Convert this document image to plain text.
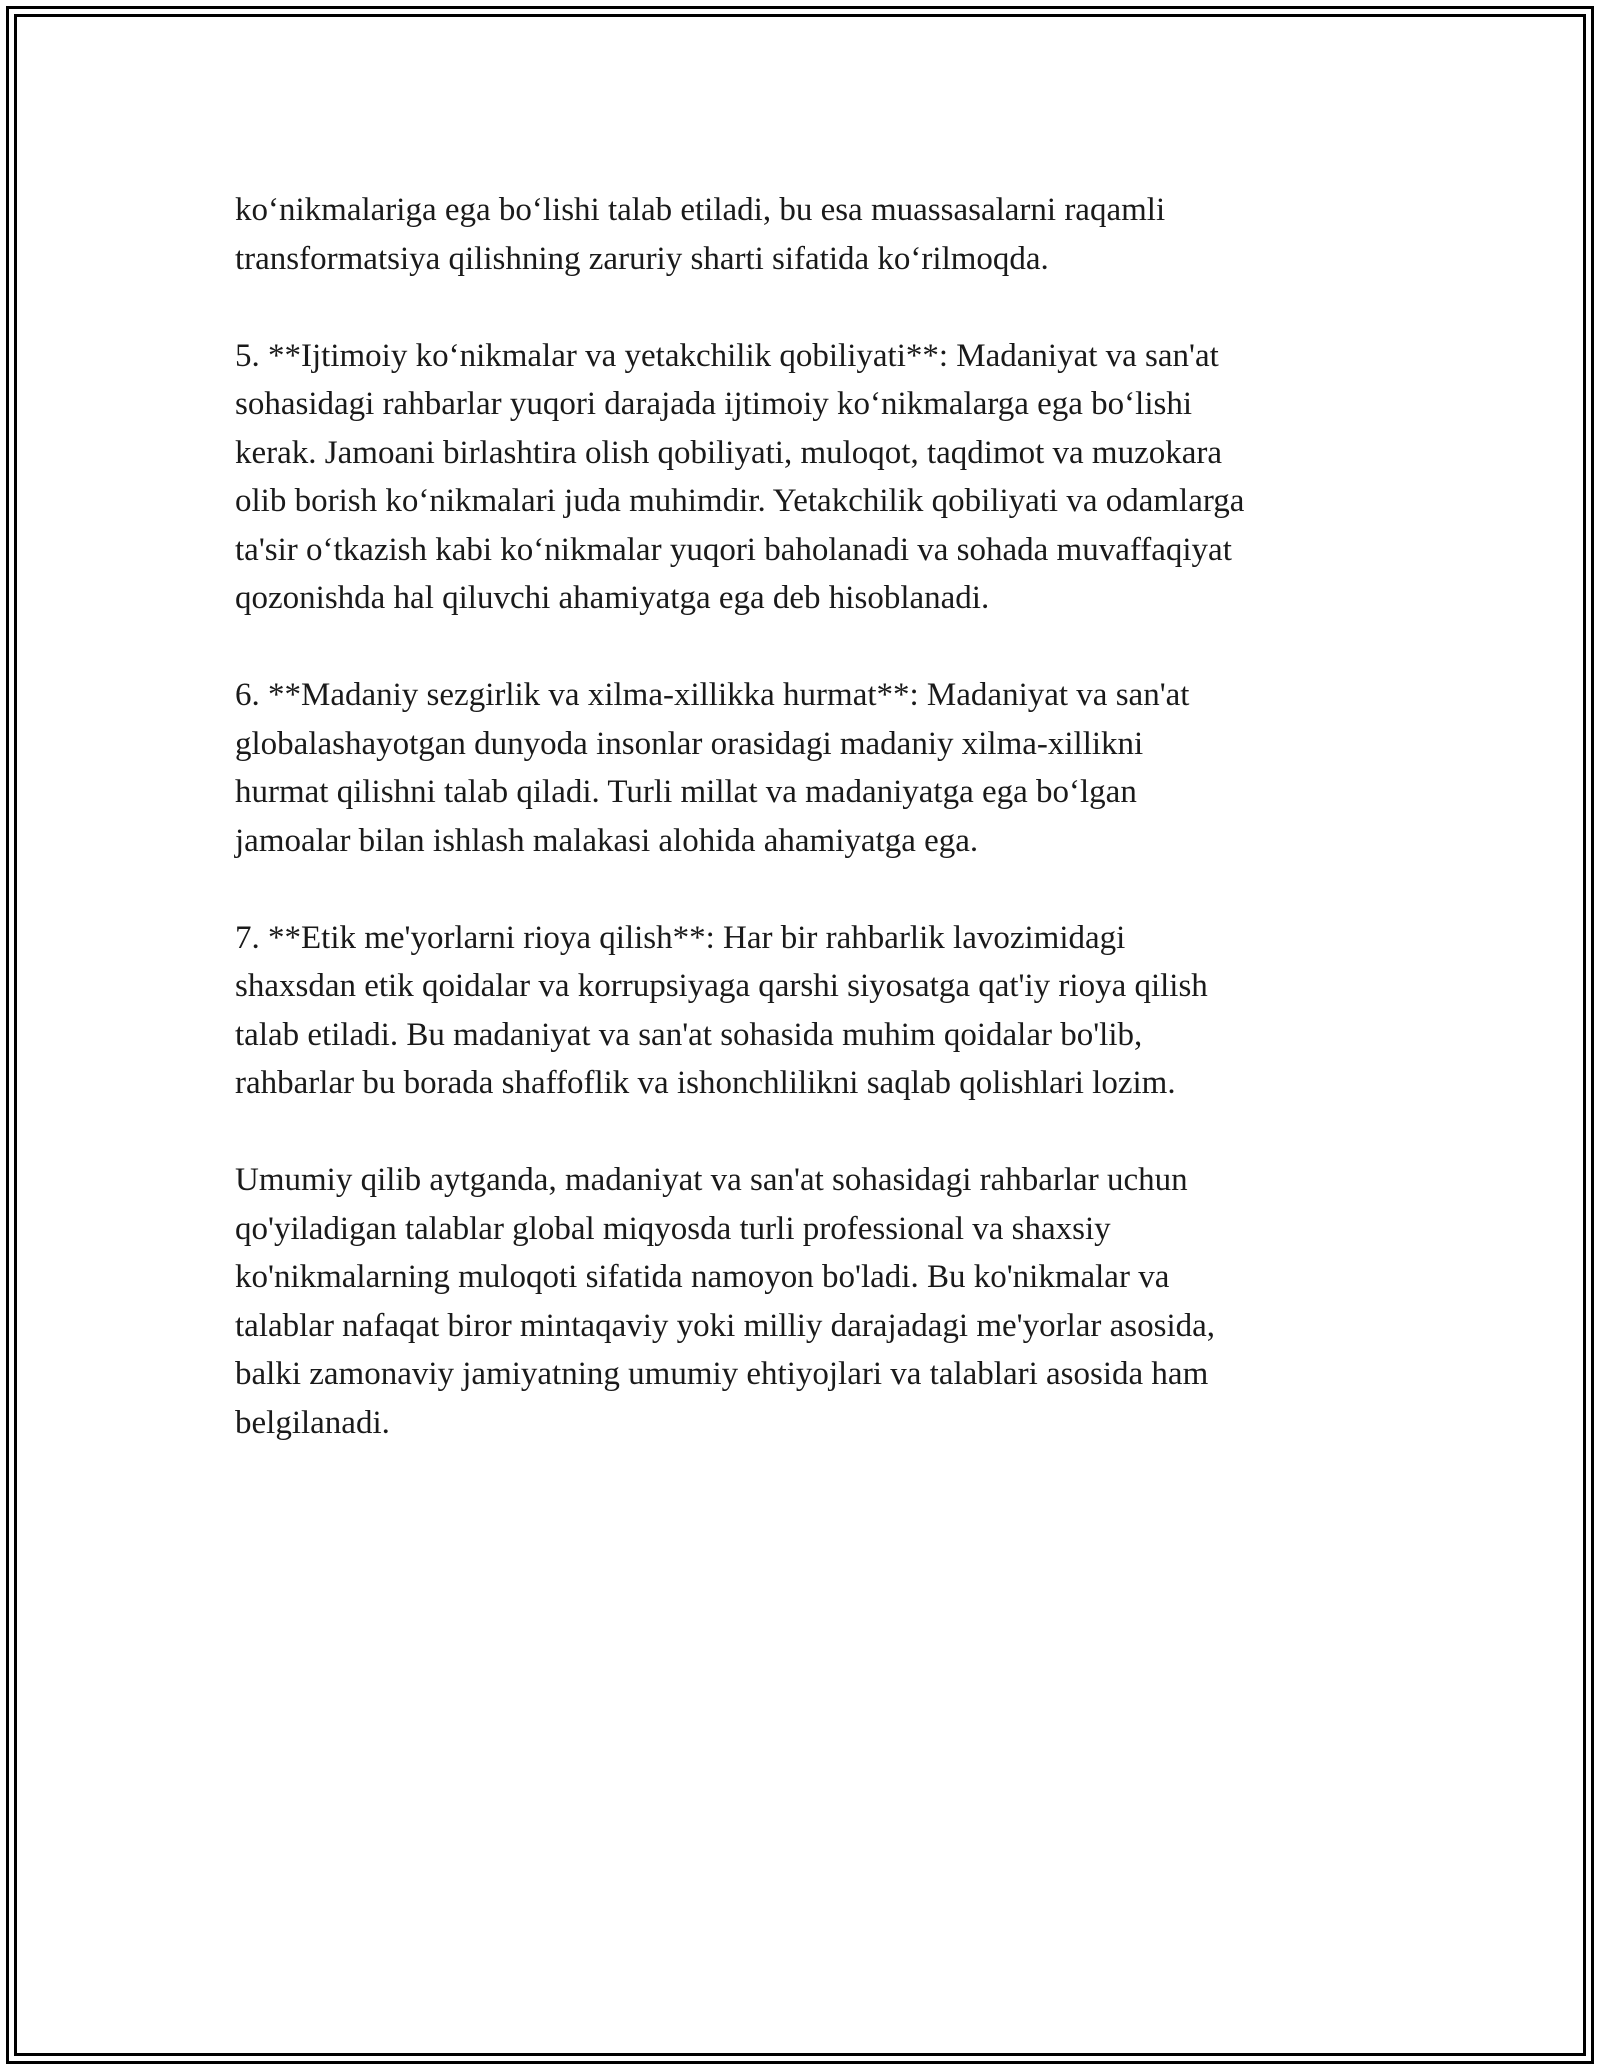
koʻnikmalariga ega boʻlishi talab etiladi, bu esa muassasalarni raqamli
transformatsiya qilishning zaruriy sharti sifatida koʻrilmoqda.

5. **Ijtimoiy koʻnikmalar va yetakchilik qobiliyati**: Madaniyat va san'at
sohasidagi rahbarlar yuqori darajada ijtimoiy koʻnikmalarga ega boʻlishi
kerak. Jamoani birlashtira olish qobiliyati, muloqot, taqdimot va muzokara
olib borish koʻnikmalari juda muhimdir. Yetakchilik qobiliyati va odamlarga
ta'sir oʻtkazish kabi koʻnikmalar yuqori baholanadi va sohada muvaffaqiyat
qozonishda hal qiluvchi ahamiyatga ega deb hisoblanadi.

6. **Madaniy sezgirlik va xilma-xillikka hurmat**: Madaniyat va san'at
globalashayotgan dunyoda insonlar orasidagi madaniy xilma-xillikni
hurmat qilishni talab qiladi. Turli millat va madaniyatga ega boʻlgan
jamoalar bilan ishlash malakasi alohida ahamiyatga ega.

7. **Etik me'yorlarni rioya qilish**: Har bir rahbarlik lavozimidagi
shaxsdan etik qoidalar va korrupsiyaga qarshi siyosatga qat'iy rioya qilish
talab etiladi. Bu madaniyat va san'at sohasida muhim qoidalar bo'lib,
rahbarlar bu borada shaffoflik va ishonchlilikni saqlab qolishlari lozim.

Umumiy qilib aytganda, madaniyat va san'at sohasidagi rahbarlar uchun
qo'yiladigan talablar global miqyosda turli professional va shaxsiy
ko'nikmalarning muloqoti sifatida namoyon bo'ladi. Bu ko'nikmalar va
talablar nafaqat biror mintaqaviy yoki milliy darajadagi me'yorlar asosida,
balki zamonaviy jamiyatning umumiy ehtiyojlari va talablari asosida ham
belgilanadi.
